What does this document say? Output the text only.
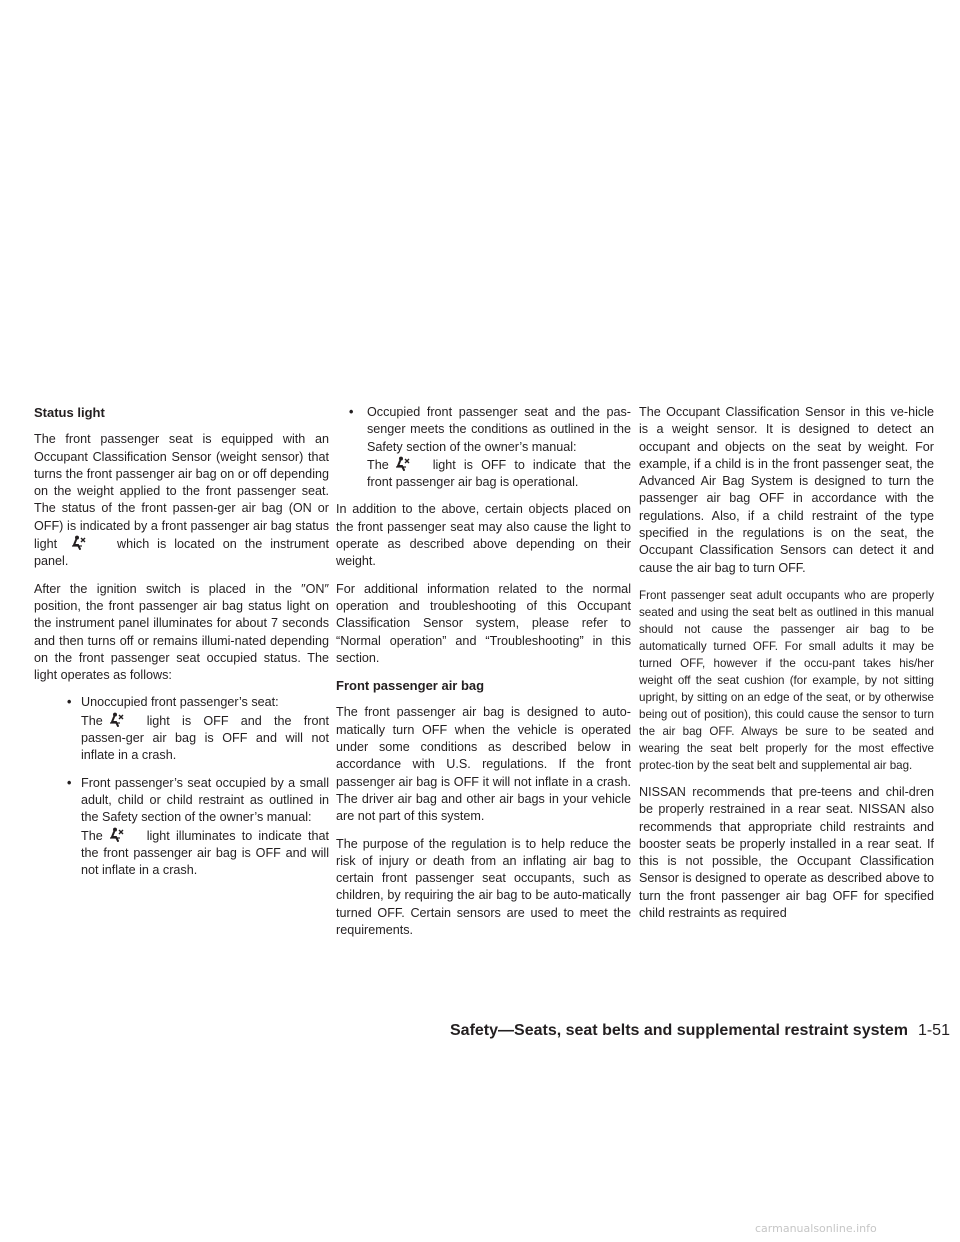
Status light

The front passenger seat is equipped with an Occupant Classification Sensor (weight sensor) that turns the front passenger air bag on or off depending on the weight applied to the front passenger seat. The status of the front passen-ger air bag (ON or OFF) is indicated by a front passenger air bag status light	which is located on the instrument panel.

After the ignition switch is placed in the ″ON″ position, the front passenger air bag status light on the instrument panel illuminates for about 7 seconds and then turns off or remains illumi-nated depending on the front passenger seat occupied status. The light operates as follows:

• Unoccupied front passenger’s seat:
The	light is OFF and the front passen-ger air bag is OFF and will not inflate in a crash.
• Front passenger’s seat occupied by a small adult, child or child restraint as outlined in the Safety section of the owner’s manual:
The	light illuminates to indicate that the front passenger air bag is OFF and will not inflate in a crash.
• Occupied front passenger seat and the pas-senger meets the conditions as outlined in the Safety section of the owner’s manual:
The	light is OFF to indicate that the front passenger air bag is operational.

In addition to the above, certain objects placed on the front passenger seat may also cause the light to operate as described above depending on their weight.

For additional information related to the normal operation and troubleshooting of this Occupant Classification Sensor system, please refer to “Normal operation” and “Troubleshooting” in this section.

Front passenger air bag

The front passenger air bag is designed to auto-matically turn OFF when the vehicle is operated under some conditions as described below in accordance with U.S. regulations. If the front passenger air bag is OFF it will not inflate in a crash. The driver air bag and other air bags in your vehicle are not part of this system.

The purpose of the regulation is to help reduce the risk of injury or death from an inflating air bag to certain front passenger seat occupants, such as children, by requiring the air bag to be auto-matically turned OFF. Certain sensors are used to meet the requirements.

The Occupant Classification Sensor in this ve-hicle is a weight sensor. It is designed to detect an occupant and objects on the seat by weight. For example, if a child is in the front passenger seat, the Advanced Air Bag System is designed to turn the passenger air bag OFF in accordance with the regulations. Also, if a child restraint of the type specified in the regulations is on the seat, the Occupant Classification Sensors can detect it and cause the air bag to turn OFF.

Front passenger seat adult occupants who are properly seated and using the seat belt as outlined in this manual should not cause the passenger air bag to be automatically turned OFF. For small adults it may be turned OFF, however if the occu-pant takes his/her weight off the seat cushion (for example, by not sitting upright, by sitting on an edge of the seat, or by otherwise being out of position), this could cause the sensor to turn the air bag OFF. Always be sure to be seated and wearing the seat belt properly for the most effective protec-tion by the seat belt and supplemental air bag.

NISSAN recommends that pre-teens and chil-dren be properly restrained in a rear seat. NISSAN also recommends that appropriate child restraints and booster seats be properly installed in a rear seat. If this is not possible, the Occupant Classification Sensor is designed to operate as described above to turn the front passenger air bag OFF for specified child restraints as required

Safety—Seats, seat belts and supplemental restraint system 1-51
carmanualsonline.info
